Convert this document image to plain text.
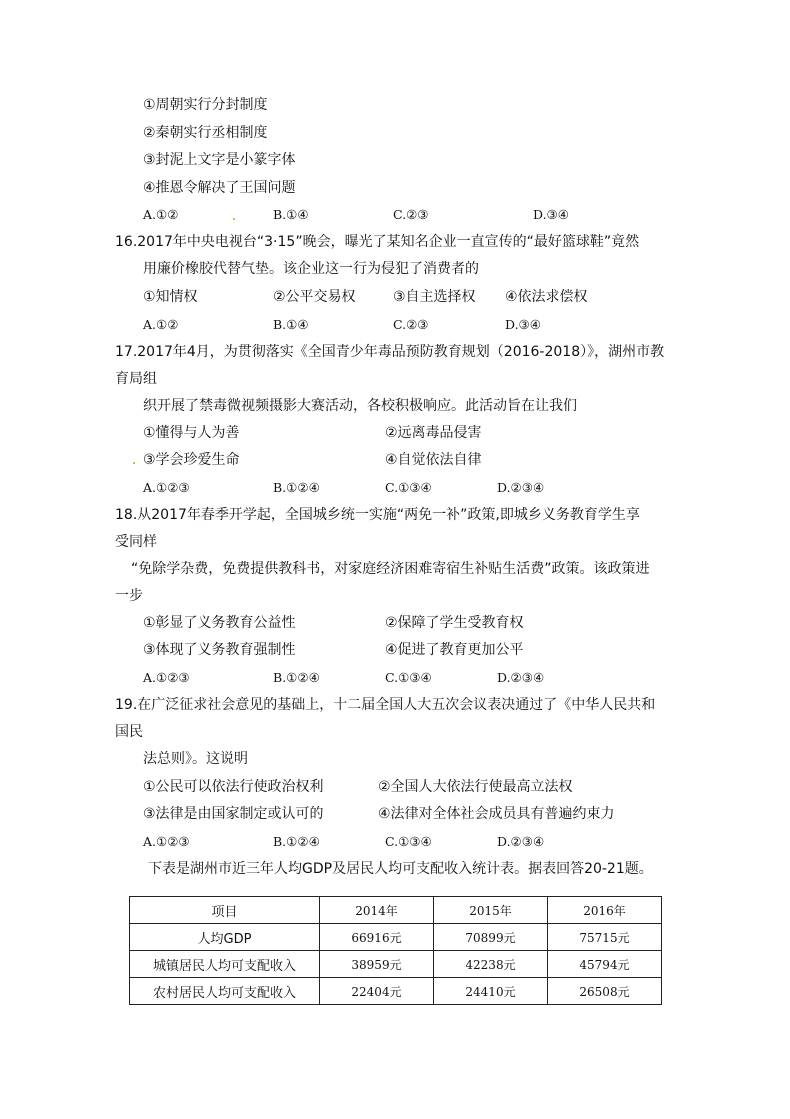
①周朝实行分封制度
②秦朝实行丞相制度
③封泥上文字是小篆字体
④推恩令解决了王国问题
A.①②	B.①④	C.②③	D.③④
16.2017年中央电视台“3·15”晚会，曝光了某知名企业一直宣传的“最好篮球鞋”竟然
用廉价橡胶代替气垫。该企业这一行为侵犯了消费者的
①知情权	②公平交易权	③自主选择权 ④依法求偿权
A.①②	B.①④	C.②③	D.③④
17.2017年4月，为贯彻落实《全国青少年毒品预防教育规划（2016-2018）》，湖州市教
育局组
织开展了禁毒微视频摄影大赛活动，各校积极响应。此活动旨在让我们
①懂得与人为善	②远离毒品侵害
③学会珍爱生命	④自觉依法自律
A.①②③	B.①②④	C.①③④	D.②③④
18.从2017年春季开学起，全国城乡统一实施“两免一补”政策,即城乡义务教育学生享
受同样
“免除学杂费，免费提供教科书，对家庭经济困难寄宿生补贴生活费”政策。该政策进
一步
①彰显了义务教育公益性	②保障了学生受教育权
③体现了义务教育强制性	④促进了教育更加公平
A.①②③	B.①②④	C.①③④	D.②③④
19.在广泛征求社会意见的基础上，十二届全国人大五次会议表决通过了《中华人民共和
国民
法总则》。这说明
①公民可以依法行使政治权利	②全国人大依法行使最高立法权
③法律是由国家制定或认可的	④法律对全体社会成员具有普遍约束力
A.①②③	B.①②④	C.①③④	D.②③④
下表是湖州市近三年人均GDP及居民人均可支配收入统计表。据表回答20-21题。
项目	2014年	2015年	2016年
人均GDP	66916元	70899元	75715元
城镇居民人均可支配收入	38959元	42238元	45794元
农村居民人均可支配收入	22404元	24410元	26508元
